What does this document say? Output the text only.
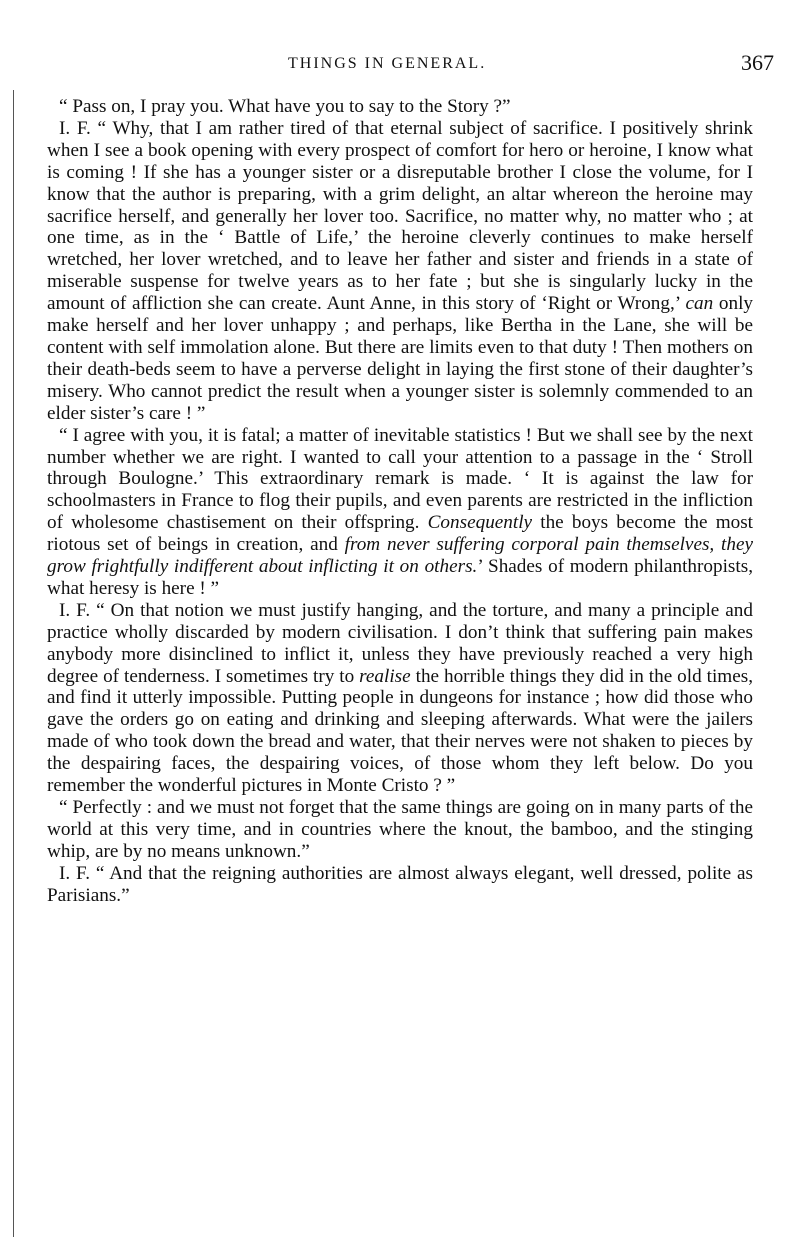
THINGS IN GENERAL.	367

“ Pass on, I pray you. What have you to say to the Story ?”

I. F. “ Why, that I am rather tired of that eternal subject of sacrifice. I positively shrink when I see a book opening with every prospect of comfort for hero or heroine, I know what is coming ! If she has a younger sister or a disreputable brother I close the volume, for I know that the author is preparing, with a grim delight, an altar whereon the heroine may sacrifice herself, and generally her lover too. Sacrifice, no matter why, no matter who ; at one time, as in the ‘ Battle of Life,’ the heroine cleverly continues to make herself wretched, her lover wretched, and to leave her father and sister and friends in a state of miserable suspense for twelve years as to her fate ; but she is singularly lucky in the amount of affliction she can create. Aunt Anne, in this story of ‘Right or Wrong,’ can only make herself and her lover unhappy ; and perhaps, like Bertha in the Lane, she will be content with self immolation alone. But there are limits even to that duty ! Then mothers on their death-beds seem to have a perverse delight in laying the first stone of their daughter’s misery. Who cannot predict the result when a younger sister is solemnly commended to an elder sister’s care ! ”

“ I agree with you, it is fatal; a matter of inevitable statistics ! But we shall see by the next number whether we are right. I wanted to call your attention to a passage in the ‘ Stroll through Boulogne.’ This extraordinary remark is made. ‘ It is against the law for schoolmasters in France to flog their pupils, and even parents are restricted in the infliction of wholesome chastisement on their offspring. Consequently the boys become the most riotous set of beings in creation, and from never suffering corporal pain themselves, they grow frightfully indifferent about inflicting it on others.’ Shades of modern philanthropists, what heresy is here ! ”

I. F. “ On that notion we must justify hanging, and the torture, and many a principle and practice wholly discarded by modern civilisation. I don’t think that suffering pain makes anybody more disinclined to inflict it, unless they have previously reached a very high degree of tenderness. I sometimes try to realise the horrible things they did in the old times, and find it utterly impossible. Putting people in dungeons for instance ; how did those who gave the orders go on eating and drinking and sleeping afterwards. What were the jailers made of who took down the bread and water, that their nerves were not shaken to pieces by the despairing faces, the despairing voices, of those whom they left below. Do you remember the wonderful pictures in Monte Cristo ? ”

“ Perfectly : and we must not forget that the same things are going on in many parts of the world at this very time, and in countries where the knout, the bamboo, and the stinging whip, are by no means unknown.”

I. F. “ And that the reigning authorities are almost always elegant, well dressed, polite as Parisians.”
